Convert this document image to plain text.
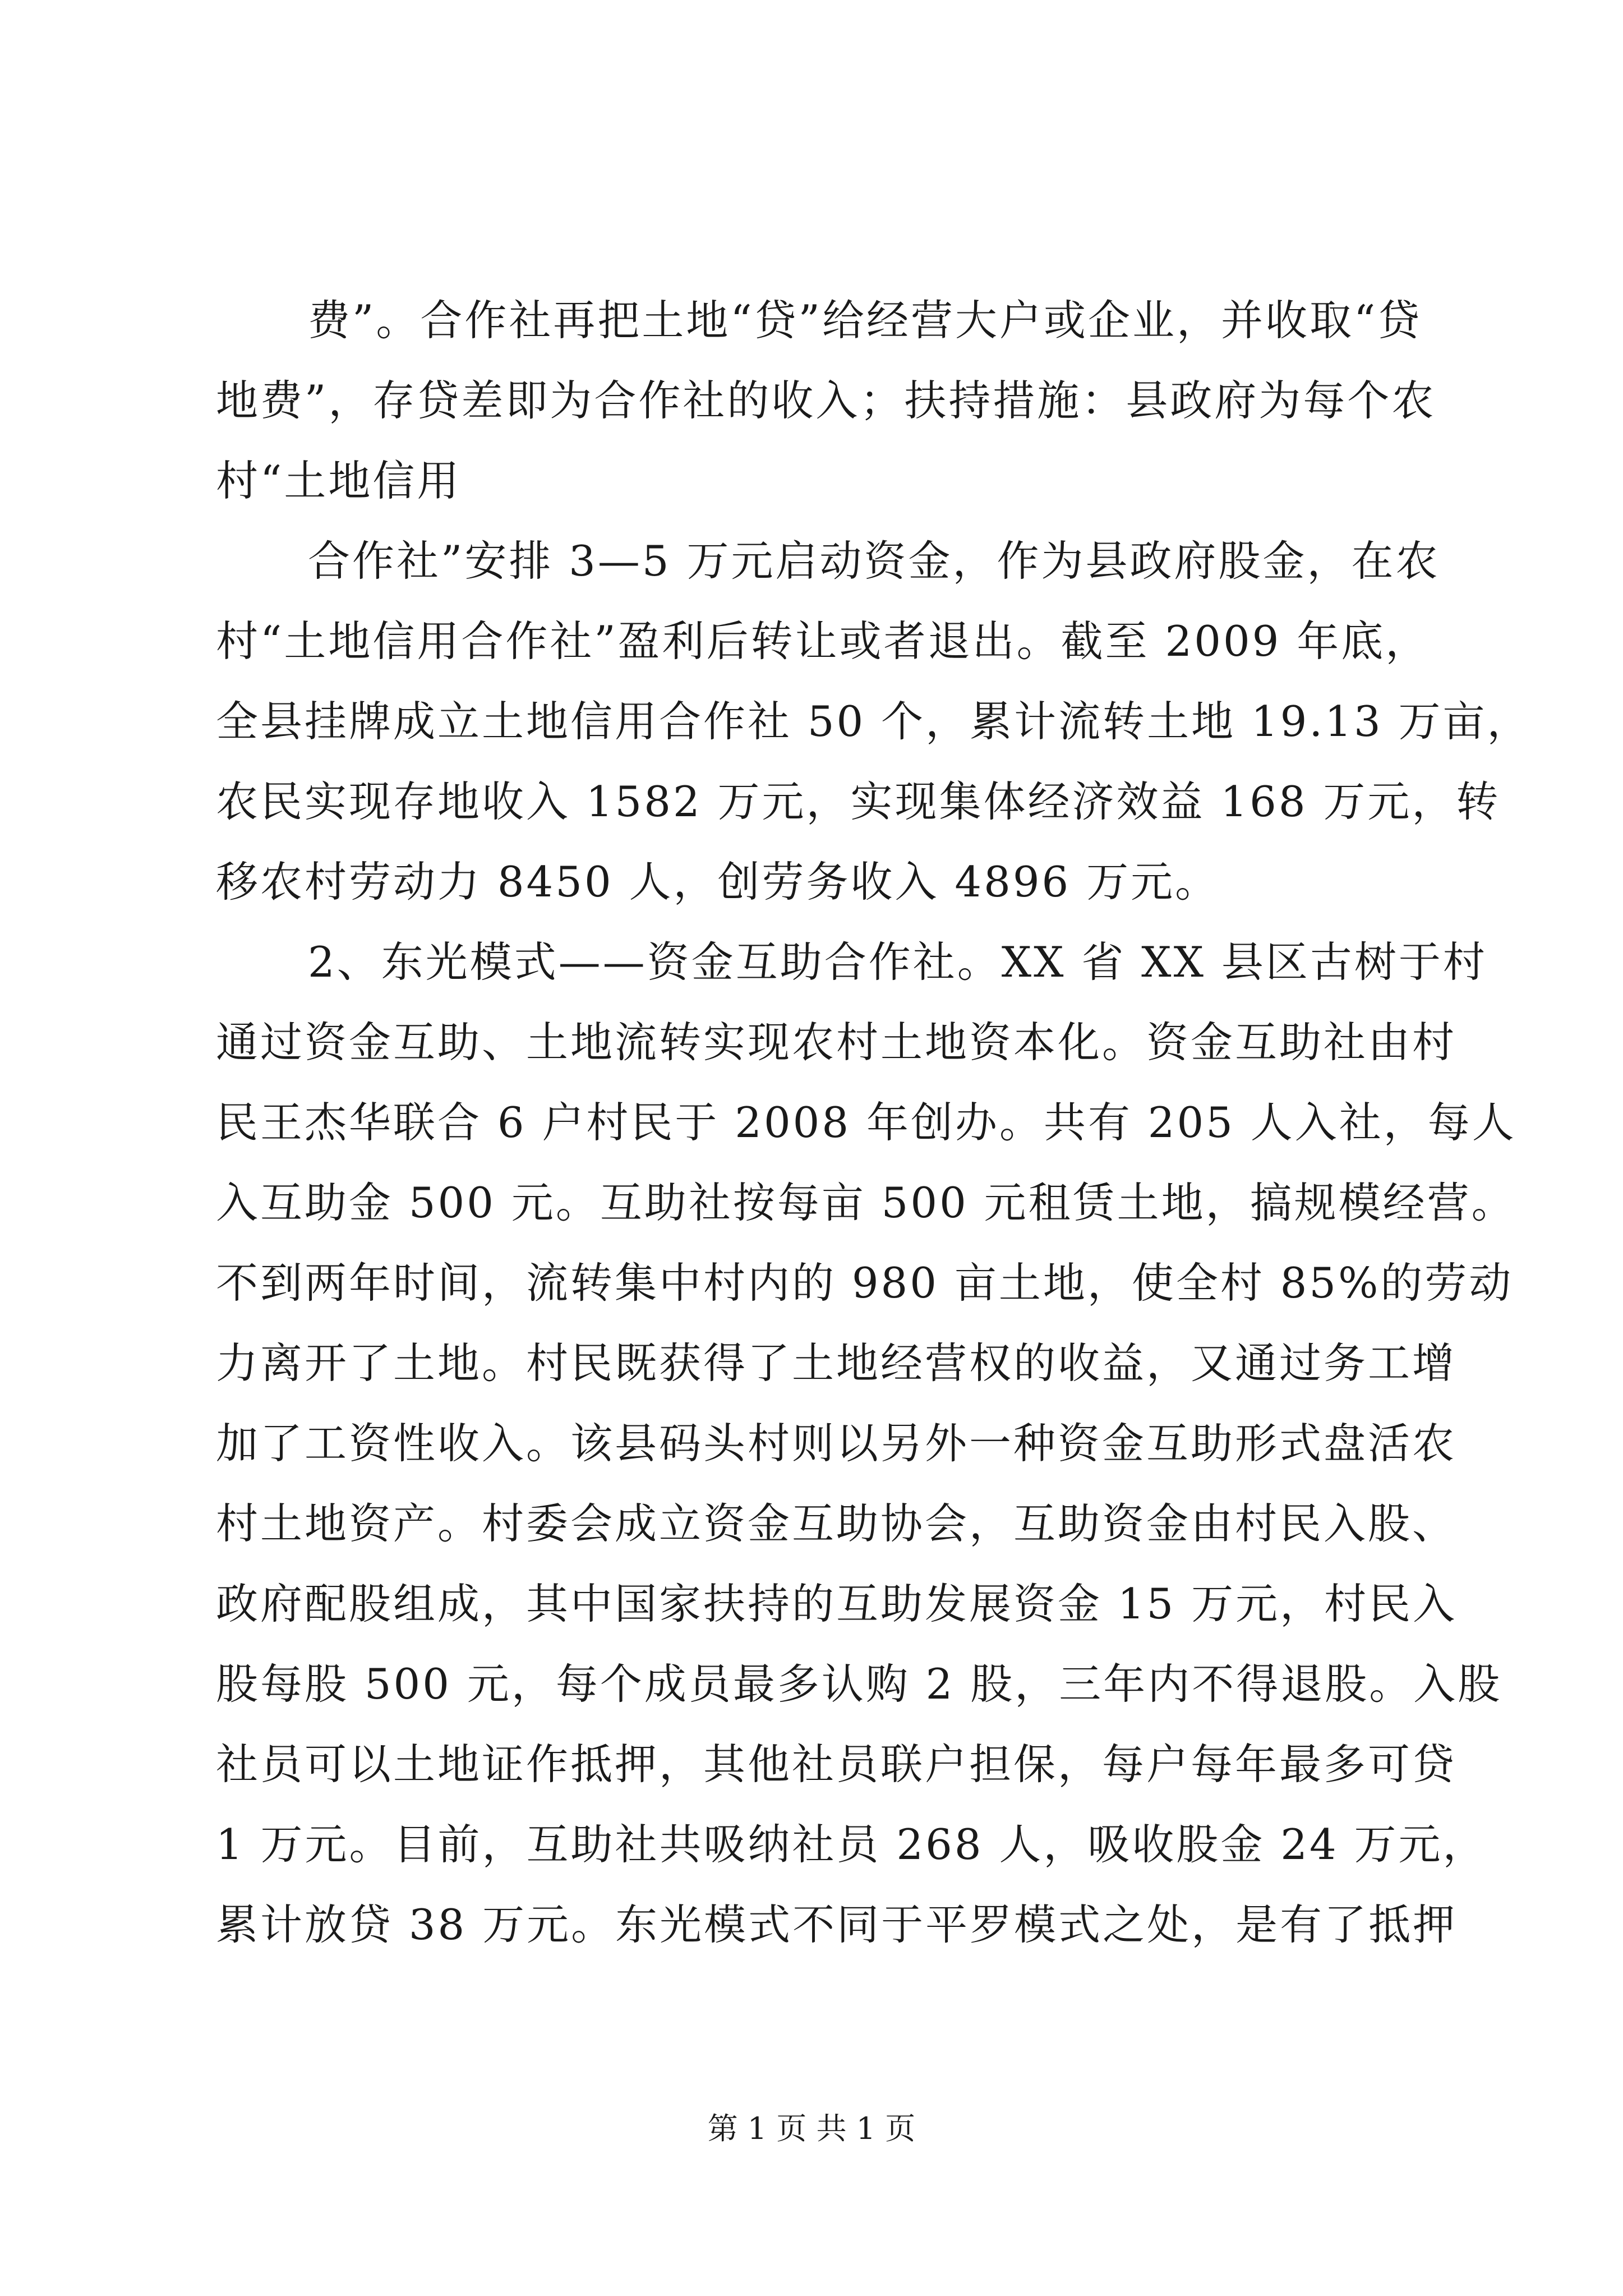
费”。合作社再把土地“贷”给经营大户或企业，并收取“贷
地费”，存贷差即为合作社的收入；扶持措施：县政府为每个农
村“土地信用
合作社”安排 3—5 万元启动资金，作为县政府股金，在农
村“土地信用合作社”盈利后转让或者退出。截至 2009 年底，
全县挂牌成立土地信用合作社 50 个，累计流转土地 19.13 万亩，
农民实现存地收入 1582 万元，实现集体经济效益 168 万元，转
移农村劳动力 8450 人，创劳务收入 4896 万元。
2、东光模式——资金互助合作社。XX 省 XX 县区古树于村
通过资金互助、土地流转实现农村土地资本化。资金互助社由村
民王杰华联合 6 户村民于 2008 年创办。共有 205 人入社，每人
入互助金 500 元。互助社按每亩 500 元租赁土地，搞规模经营。
不到两年时间，流转集中村内的 980 亩土地，使全村 85%的劳动
力离开了土地。村民既获得了土地经营权的收益，又通过务工增
加了工资性收入。该县码头村则以另外一种资金互助形式盘活农
村土地资产。村委会成立资金互助协会，互助资金由村民入股、
政府配股组成，其中国家扶持的互助发展资金 15 万元，村民入
股每股 500 元，每个成员最多认购 2 股，三年内不得退股。入股
社员可以土地证作抵押，其他社员联户担保，每户每年最多可贷
1 万元。目前，互助社共吸纳社员 268 人，吸收股金 24 万元，
累计放贷 38 万元。东光模式不同于平罗模式之处，是有了抵押
第 1 页 共 1 页
